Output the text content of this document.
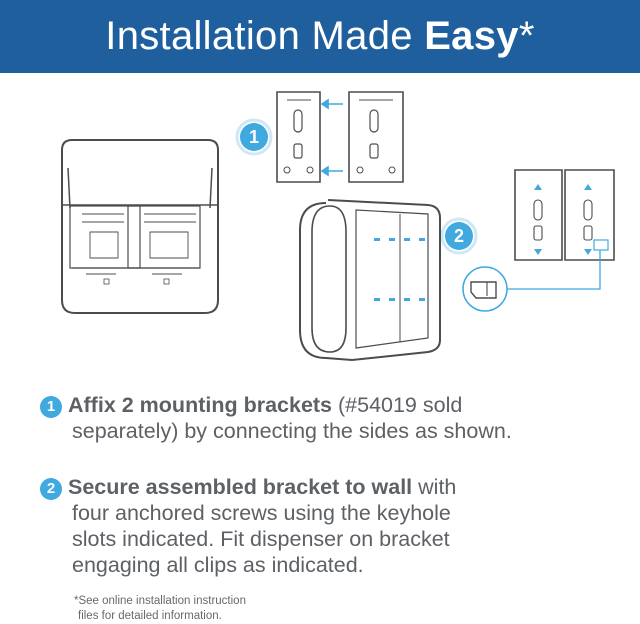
Installation Made Easy*
1
2
1 Affix 2 mounting brackets (#54019 sold
separately) by connecting the sides as shown.
2 Secure assembled bracket to wall with
four anchored screws using the keyhole
slots indicated. Fit dispenser on bracket
engaging all clips as indicated.
*See online installation instruction
files for detailed information.
